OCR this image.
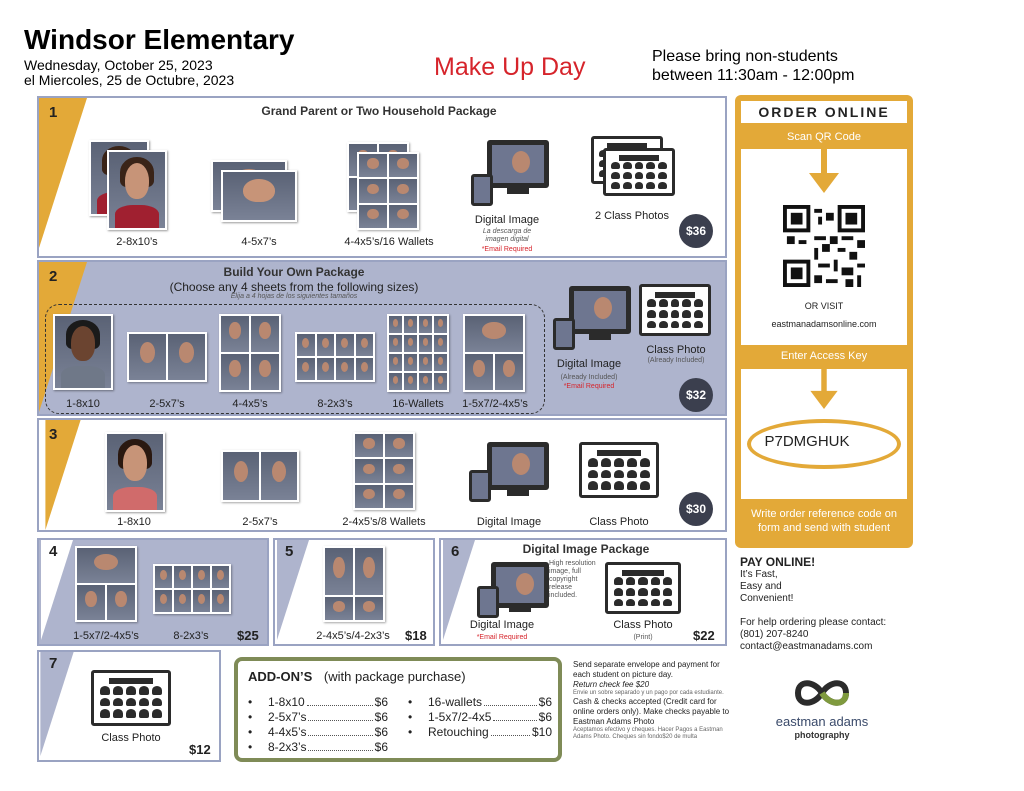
Windsor Elementary
Wednesday, October 25, 2023
el Miercoles, 25 de Octubre, 2023	Make Up Day	Please bring non-students
between 11:30am - 12:00pm
1	Grand Parent or Two Household Package
2-8x10’s	4-5x7’s	4-4x5’s/16 Wallets
Digital Image
La descarga de imagen digital
*Email Required
2 Class Photos
$36
2	Build Your Own Package
(Choose any 4 sheets from the following sizes)
Elija a 4 hojas de los siguientes tamaños
1-8x10	2-5x7’s	4-4x5’s	8-2x3’s	16-Wallets	1-5x7/2-4x5’s
Digital Image
(Already Included)
*Email Required
Class Photo
(Already Included)
$32
3
1-8x10	2-5x7’s	2-4x5’s/8 Wallets	Digital Image	Class Photo
$30
4
1-5x7/2-4x5’s	8-2x3’s	$25
5
2-4x5’s/4-2x3’s	$18
6	Digital Image Package
High resolution image, full copyright release included.
Digital Image
*Email Required
Class Photo
(Print)	$22
7
Class Photo
$12
ADD-ON’S (with package purchase)
•	1-8x10	$6
•	2-5x7’s	$6
•	4-4x5’s	$6
•	8-2x3’s	$6
•	16-wallets	$6
•	1-5x7/2-4x5	$6
•	Retouching	$10
Send separate envelope and payment for each student on picture day.
Return check fee $20
Envie un sobre separado y un pago por cada estudiante.
Cash & checks accepted (Credit card for online orders only). Make checks payable to Eastman Adams Photo
Aceptamos efectivo y cheques. Hacer Pagos a Eastman Adams Photo. Cheques sin fondo$20 de multa
ORDER ONLINE
Scan QR Code
OR VISIT
eastmanadamsonline.com
Enter Access Key
P7DMGHUK
Write order reference code on form and send with student
PAY ONLINE!
It’s Fast,
Easy and
Convenient!
For help ordering please contact:
(801) 207-8240
contact@eastmanadams.com
eastman adams
photography
